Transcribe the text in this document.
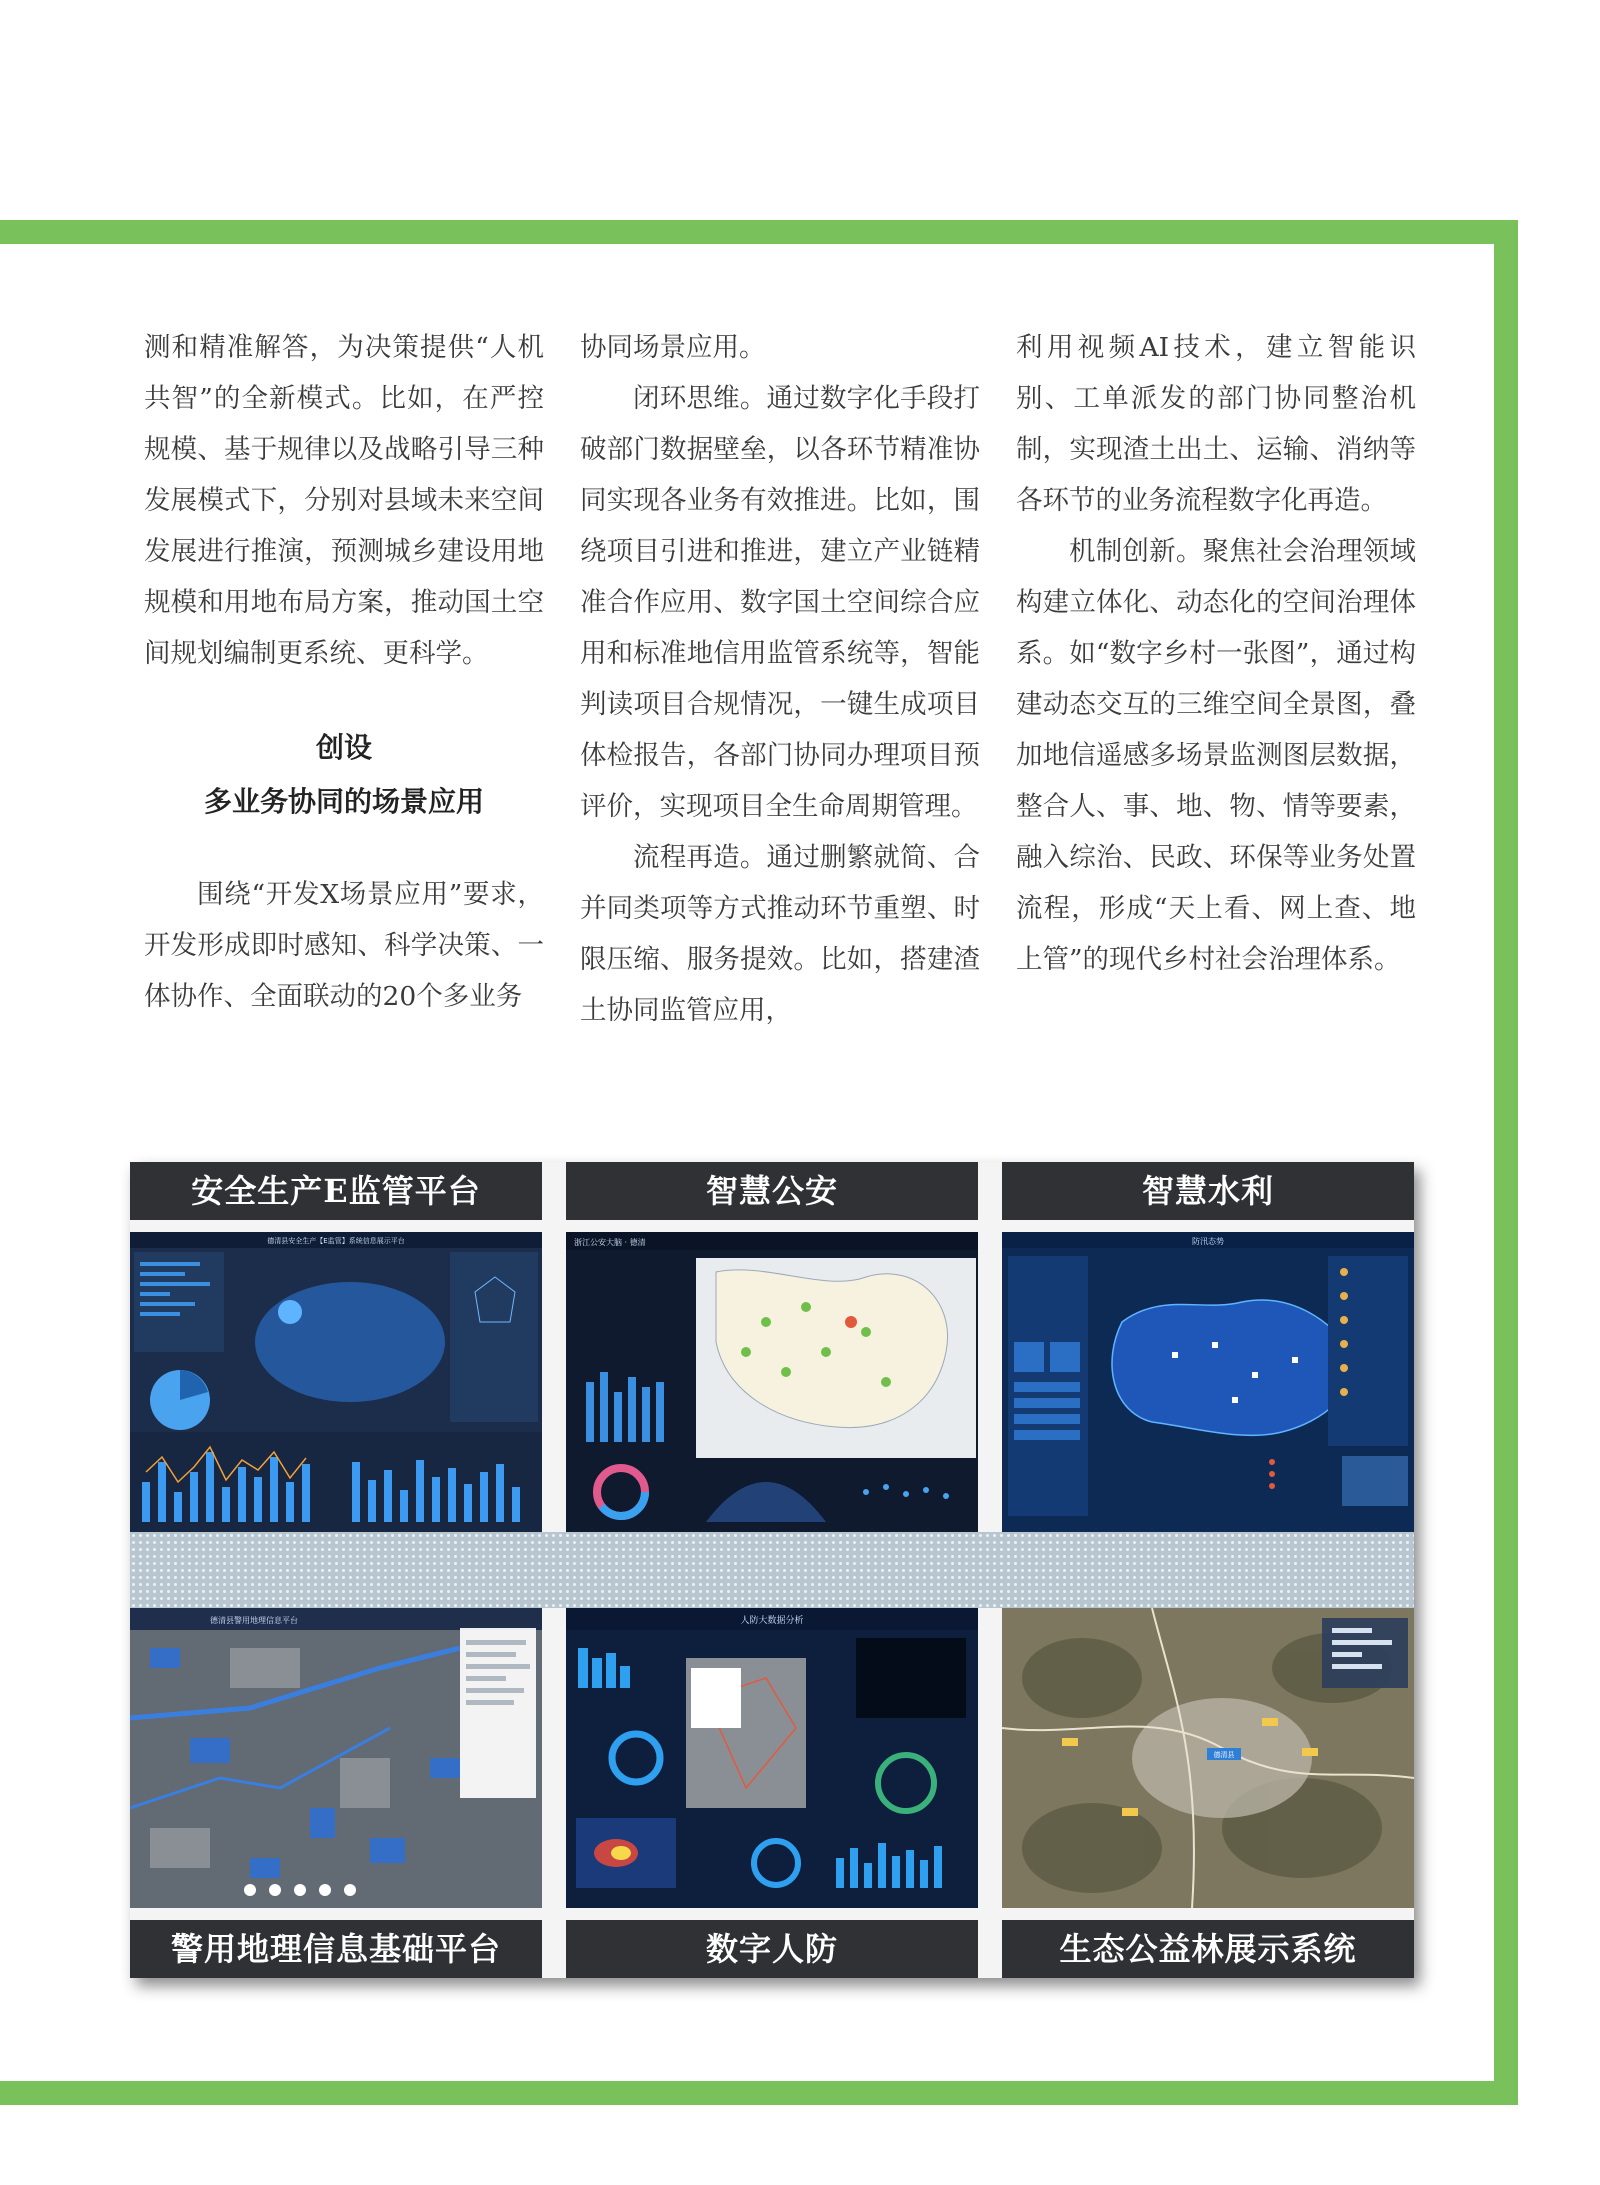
测和精准解答，为决策提供“人机共智”的全新模式。比如，在严控规模、基于规律以及战略引导三种发展模式下，分别对县域未来空间发展进行推演，预测城乡建设用地规模和用地布局方案，推动国土空间规划编制更系统、更科学。

创设
多业务协同的场景应用

围绕“开发X场景应用”要求，开发形成即时感知、科学决策、一体协作、全面联动的20个多业务

协同场景应用。

闭环思维。通过数字化手段打破部门数据壁垒，以各环节精准协同实现各业务有效推进。比如，围绕项目引进和推进，建立产业链精准合作应用、数字国土空间综合应用和标准地信用监管系统等，智能判读项目合规情况，一键生成项目体检报告，各部门协同办理项目预评价，实现项目全生命周期管理。

流程再造。通过删繁就简、合并同类项等方式推动环节重塑、时限压缩、服务提效。比如，搭建渣土协同监管应用，

利用视频AI技术，建立智能识别、工单派发的部门协同整治机制，实现渣土出土、运输、消纳等各环节的业务流程数字化再造。

机制创新。聚焦社会治理领域构建立体化、动态化的空间治理体系。如“数字乡村一张图”，通过构建动态交互的三维空间全景图，叠加地信遥感多场景监测图层数据，整合人、事、地、物、情等要素，融入综治、民政、环保等业务处置流程，形成“天上看、网上查、地上管”的现代乡村社会治理体系。

安全生产E监管平台
德清县安全生产【E监管】系统信息展示平台
智慧公安
浙江公安大脑 · 德清
智慧水利
防汛态势
德清县警用地理信息平台
警用地理信息基础平台
人防大数据分析
数字人防
德清县
生态公益林展示系统
